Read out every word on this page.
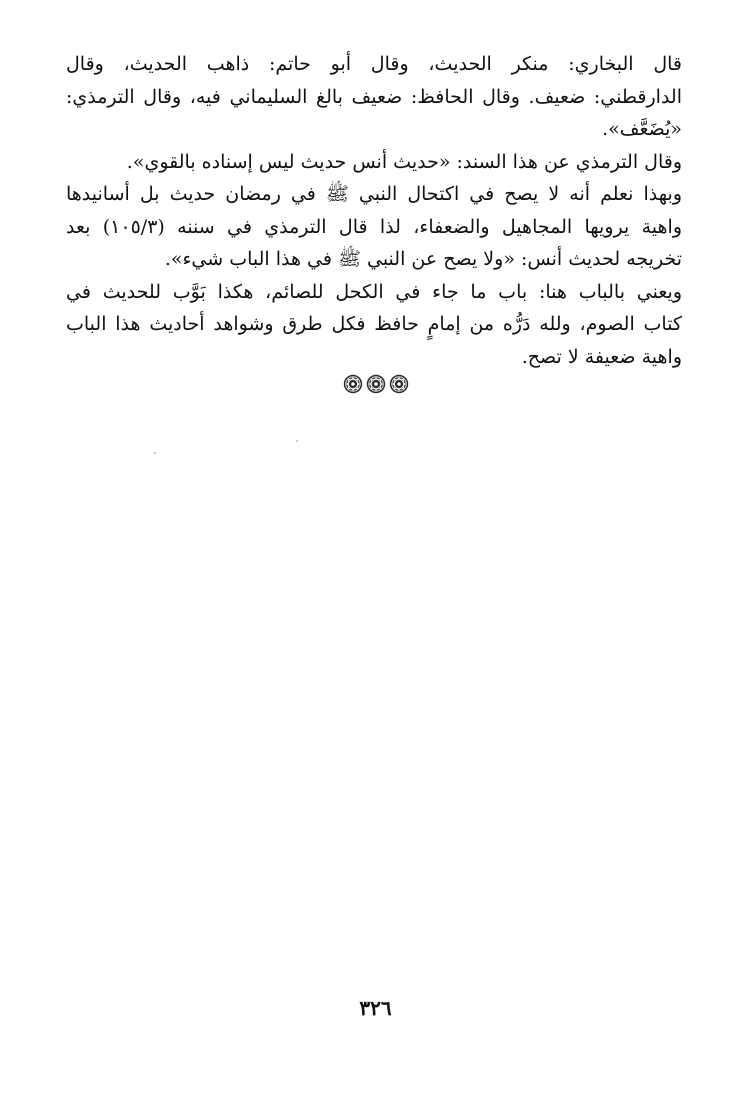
قال البخاري: منكر الحديث، وقال أبو حاتم: ذاهب الحديث، وقال
الدارقطني: ضعيف. وقال الحافظ: ضعيف بالغ السليماني فيه، وقال الترمذي:
«يُضَعَّف».

وقال الترمذي عن هذا السند: «حديث أنس حديث ليس إسناده بالقوي».

وبهذا نعلم أنه لا يصح في اكتحال النبي ﷺ في رمضان حديث بل أسانيدها
واهية يرويها المجاهيل والضعفاء، لذا قال الترمذي في سننه (١٠٥/٣) بعد
تخريجه لحديث أنس: «ولا يصح عن النبي ﷺ في هذا الباب شيء».

ويعني بالباب هنا: باب ما جاء في الكحل للصائم، هكذا بَوَّب للحديث في
كتاب الصوم، ولله دَرُّه من إمامٍ حافظ فكل طرق وشواهد أحاديث هذا الباب
واهية ضعيفة لا تصح.

٣٢٦
